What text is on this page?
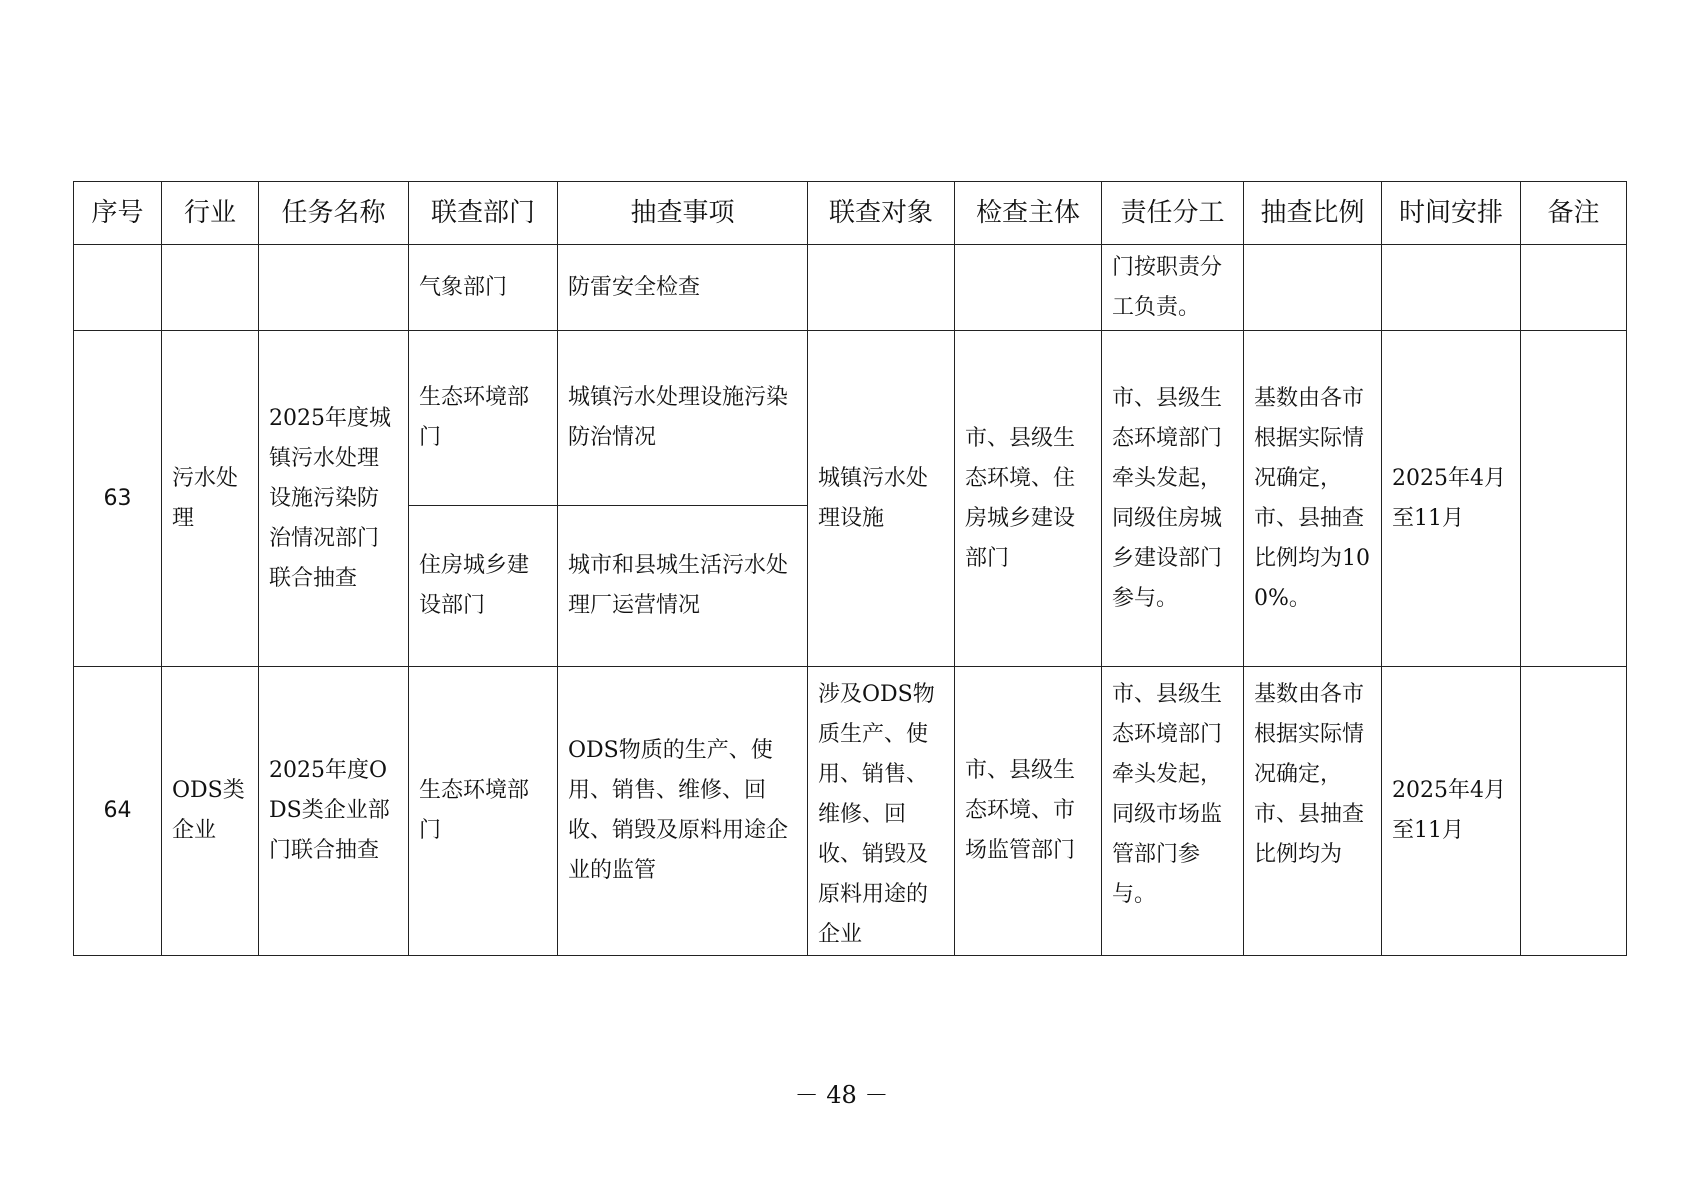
序号	行业	任务名称	联查部门	抽查事项	联查对象	检查主体	责任分工	抽查比例	时间安排	备注
			气象部门	防雷安全检查			门按职责分工负责。			
63	污水处理	2025年度城镇污水处理设施污染防治情况部门联合抽查	生态环境部门	城镇污水处理设施污染防治情况	城镇污水处理设施	市、县级生态环境、住房城乡建设部门	市、县级生态环境部门牵头发起，同级住房城乡建设部门参与。	基数由各市根据实际情况确定，市、县抽查比例均为100%。	2025年4月至11月	
			住房城乡建设部门	城市和县城生活污水处理厂运营情况						
64	ODS类企业	2025年度ODS类企业部门联合抽查	生态环境部门	ODS物质的生产、使用、销售、维修、回收、销毁及原料用途企业的监管	涉及ODS物质生产、使用、销售、维修、回收、销毁及原料用途的企业	市、县级生态环境、市场监管部门	市、县级生态环境部门牵头发起，同级市场监管部门参与。	基数由各市根据实际情况确定，市、县抽查比例均为	2025年4月至11月	
－ 48 －
